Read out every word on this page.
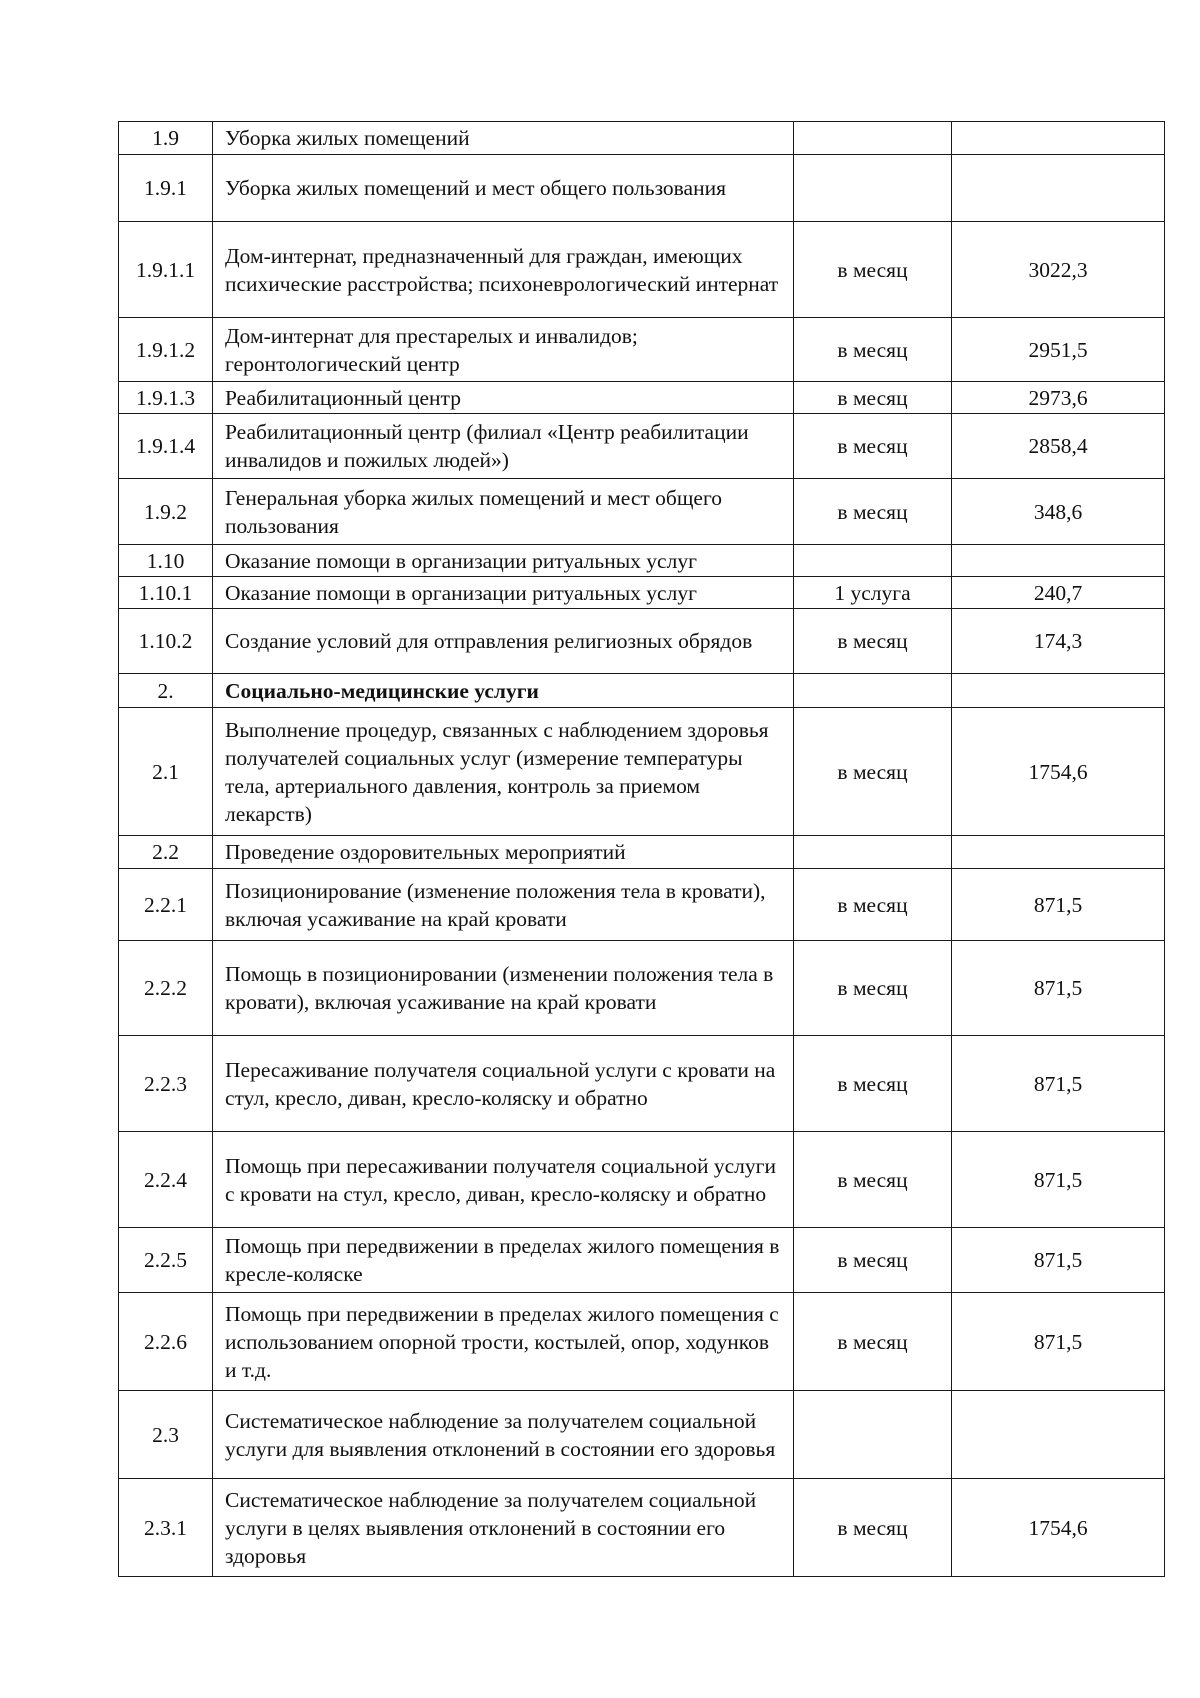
1.9	Уборка жилых помещений		
1.9.1	Уборка жилых помещений и мест общего пользования		
1.9.1.1	Дом-интернат, предназначенный для граждан, имеющих психические расстройства; психоневрологический интернат	в месяц	3022,3
1.9.1.2	Дом-интернат для престарелых и инвалидов; геронтологический центр	в месяц	2951,5
1.9.1.3	Реабилитационный центр	в месяц	2973,6
1.9.1.4	Реабилитационный центр (филиал «Центр реабилитации инвалидов и пожилых людей»)	в месяц	2858,4
1.9.2	Генеральная уборка жилых помещений и мест общего пользования	в месяц	348,6
1.10	Оказание помощи в организации ритуальных услуг		
1.10.1	Оказание помощи в организации ритуальных услуг	1 услуга	240,7
1.10.2	Создание условий для отправления религиозных обрядов	в месяц	174,3
2.	Социально-медицинские услуги		
2.1	Выполнение процедур, связанных с наблюдением здоровья получателей социальных услуг (измерение температуры тела, артериального давления, контроль за приемом лекарств)	в месяц	1754,6
2.2	Проведение оздоровительных мероприятий		
2.2.1	Позиционирование (изменение положения тела в кровати), включая усаживание на край кровати	в месяц	871,5
2.2.2	Помощь в позиционировании (изменении положения тела в кровати), включая усаживание на край кровати	в месяц	871,5
2.2.3	Пересаживание получателя социальной услуги с кровати на стул, кресло, диван, кресло-коляску и обратно	в месяц	871,5
2.2.4	Помощь при пересаживании получателя социальной услуги с кровати на стул, кресло, диван, кресло-коляску и обратно	в месяц	871,5
2.2.5	Помощь при передвижении в пределах жилого помещения в кресле-коляске	в месяц	871,5
2.2.6	Помощь при передвижении в пределах жилого помещения с использованием опорной трости, костылей, опор, ходунков и т.д.	в месяц	871,5
2.3	Систематическое наблюдение за получателем социальной услуги для выявления отклонений в состоянии его здоровья		
2.3.1	Систематическое наблюдение за получателем социальной услуги в целях выявления отклонений в состоянии его здоровья	в месяц	1754,6
